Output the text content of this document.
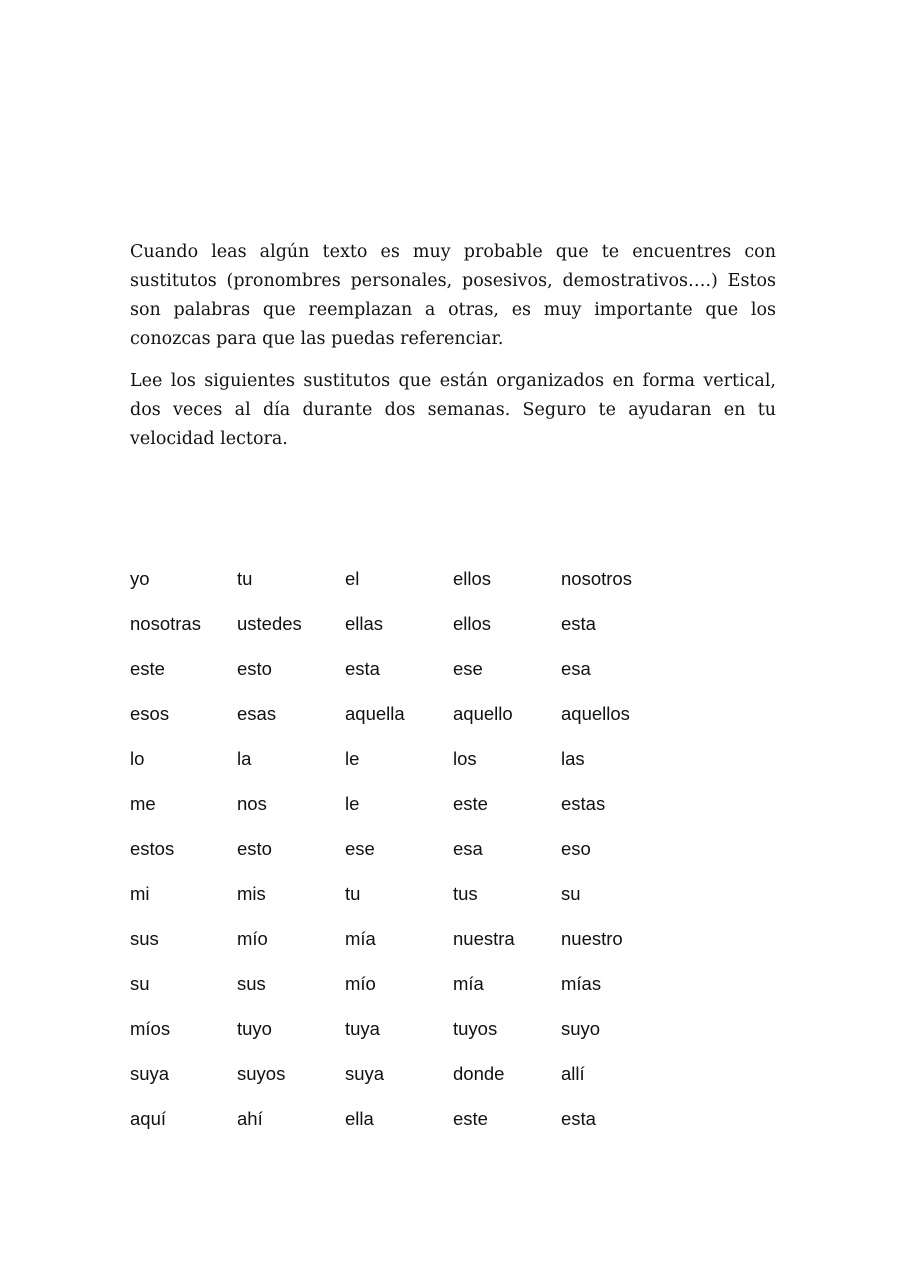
Cuando leas algún texto es muy probable que te encuentres con sustitutos (pronombres personales, posesivos, demostrativos….) Estos son palabras que reemplazan a otras, es muy importante que los conozcas para que las puedas referenciar.

Lee los siguientes sustitutos que están organizados en forma vertical, dos veces al día durante dos semanas. Seguro te ayudaran en tu velocidad lectora.

yo	tu	el	ellos	nosotros
nosotras	ustedes	ellas	ellos	esta
este	esto	esta	ese	esa
esos	esas	aquella	aquello	aquellos
lo	la	le	los	las
me	nos	le	este	estas
estos	esto	ese	esa	eso
mi	mis	tu	tus	su
sus	mío	mía	nuestra	nuestro
su	sus	mío	mía	mías
míos	tuyo	tuya	tuyos	suyo
suya	suyos	suya	donde	allí
aquí	ahí	ella	este	esta
